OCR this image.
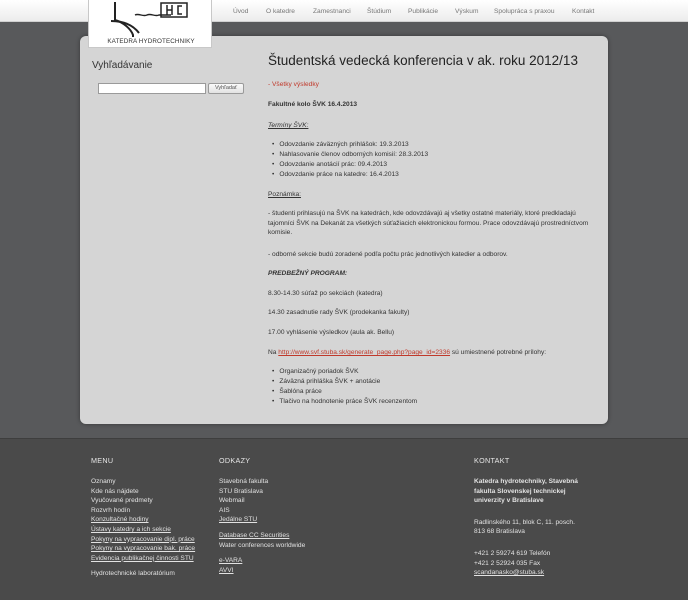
Úvod	O katedre	Zamestnanci Štúdium	Publikácie	Výskum Spolupráca s praxou	Kontakt
KATEDRA HYDROTECHNIKY
Vyhľadávanie
Vyhľadať
Študentská vedecká konferencia v ak. roku 2012/13
- Všetky výsledky
Fakultné kolo ŠVK 16.4.2013
Termíny ŠVK:
• Odovzdanie záväzných prihlášok: 19.3.2013
• Nahlasovanie členov odborných komisií: 28.3.2013
• Odovzdanie anotácií prác: 09.4.2013
• Odovzdanie práce na katedre: 16.4.2013
Poznámka:
- študenti prihlasujú na ŠVK na katedrách, kde odovzdávajú aj všetky ostatné materiály, ktoré predkladajú tajomníci ŠVK na Dekanát za všetkých súťažiacich elektronickou formou. Prace odovzdávajú prostredníctvom komisie.
- odborné sekcie budú zoradené podľa počtu prác jednotlivých katedier a odborov.
PREDBEŽNÝ PROGRAM:
8.30-14.30 súťaž po sekciách (katedra)
14.30 zasadnutie rady ŠVK (prodekanka fakulty)
17.00 vyhlásenie výsledkov (aula ak. Bellu)
Na http://www.svf.stuba.sk/generate_page.php?page_id=2336 sú umiestnené potrebné prílohy:
• Organizačný poriadok ŠVK
• Záväzná prihláška ŠVK + anotácie
• Šablóna práce
• Tlačivo na hodnotenie práce ŠVK recenzentom
MENU
Oznamy
Kde nás nájdete
Vyučované predmety
Rozvrh hodín
Konzultačné hodiny
Ústavy katedry a ich sekcie
Pokyny na vypracovanie dipl. práce
Pokyny na vypracovanie bak. práce
Evidencia publikačnej činnosti STU
Hydrotechnické laboratórium
ODKAZY
Stavebná fakulta
STU Bratislava
Webmail
AIS
Jedálne STU
Database CC Securities
Water conferences worldwide
e-VARA
AVVI
KONTAKT
Katedra hydrotechniky, Stavebná
fakulta Slovenskej technickej
univerzity v Bratislave
Radlinského 11, blok C, 11. posch.
813 68 Bratislava
+421 2 59274 619 Telefón
+421 2 52924 035 Fax
scandanasko@stuba.sk
